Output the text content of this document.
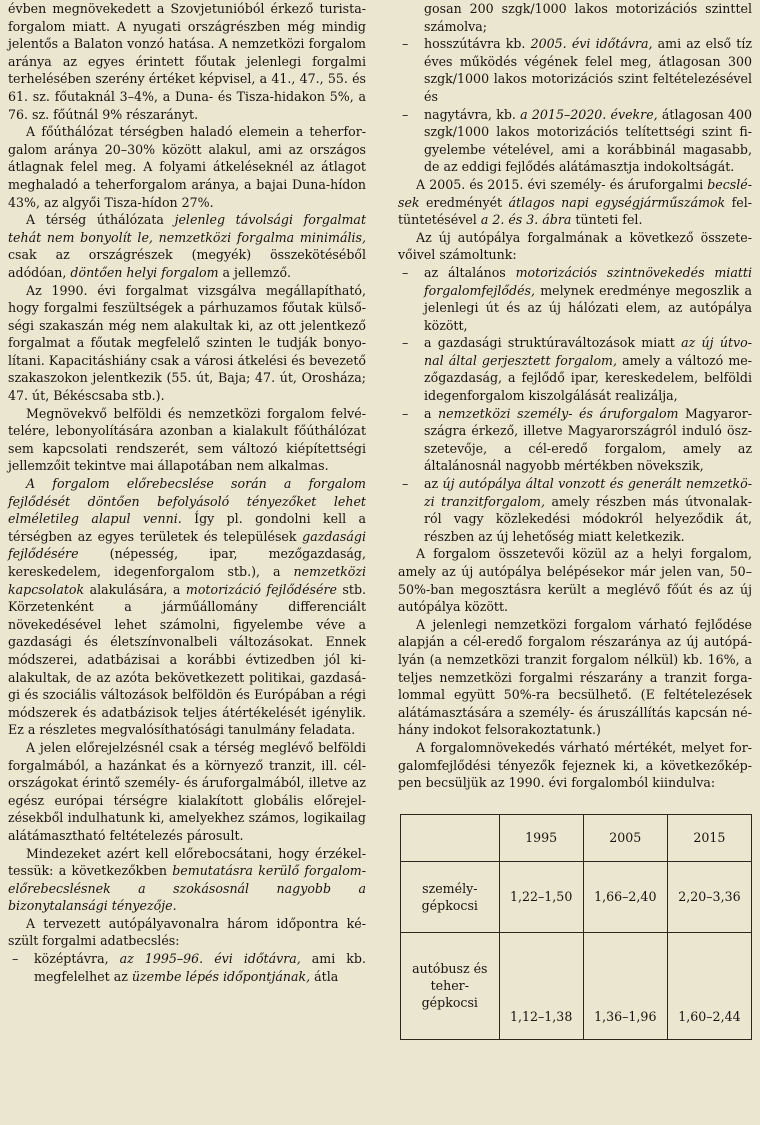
évben megnövekedett a Szovjetunióból érkező turistaforgalom miatt. A nyugati országrészben még mindig jelentős a Balaton vonzó hatása. A nemzetközi forgalom aránya az egyes érintett főutak jelenlegi forgalmi terhelésében szerény értéket képvisel, a 41., 47., 55. és 61. sz. főutaknál 3–4%, a Duna- és Tisza-hidakon 5%, a 76. sz. főútnál 9% részarányt.

A főúthálózat térségben haladó elemein a teherforgalom aránya 20–30% között alakul, ami az országos átlagnak felel meg. A folyami átkeléseknél az átlagot meghaladó a teherforgalom aránya, a bajai Duna-hídon 43%, az algyői Tisza-hídon 27%.

A térség úthálózata jelenleg távolsági forgalmat tehát nem bonyolít le, nemzetközi forgalma minimális, csak az országrészek (megyék) összekötéséből adódóan, döntően helyi forgalom a jellemző.

Az 1990. évi forgalmat vizsgálva megállapítható, hogy forgalmi feszültségek a párhuzamos főutak külsőségi szakaszán még nem alakultak ki, az ott jelentkező forgalmat a főutak megfelelő szinten le tudják bonyolítani. Kapacitáshiány csak a városi átkelési és bevezető szakaszokon jelentkezik (55. út, Baja; 47. út, Orosháza; 47. út, Békéscsaba stb.).

Megnövekvő belföldi és nemzetközi forgalom felvételére, lebonyolítására azonban a kialakult főúthálózat sem kapcsolati rendszerét, sem változó kiépítettségi jellemzőit tekintve mai állapotában nem alkalmas.

A forgalom előrebecslése során a forgalom fejlődését döntően befolyásoló tényezőket lehet elméletileg alapul venni. Így pl. gondolni kell a térségben az egyes területek és települések gazdasági fejlődésére (népesség, ipar, mezőgazdaság, kereskedelem, idegenforgalom stb.), a nemzetközi kapcsolatok alakulására, a motorizáció fejlődésére stb. Körzetenként a járműállomány differenciált növekedésével lehet számolni, figyelembe véve a gazdasági és életszínvonalbeli változásokat. Ennek módszerei, adatbázisai a korábbi évtizedben jól kialakultak, de az azóta bekövetkezett politikai, gazdasági és szociális változások belföldön és Európában a régi módszerek és adatbázisok teljes átértékelését igénylik. Ez a részletes megvalósíthatósági tanulmány feladata.

A jelen előrejelzésnél csak a térség meglévő belföldi forgalmából, a hazánkat és a környező tranzit, ill. célországokat érintő személy- és áruforgalmából, illetve az egész európai térségre kialakított globális előrejelzésekből indulhatunk ki, amelyekhez számos, logikailag alátámasztható feltételezés párosult.

Mindezeket azért kell előrebocsátani, hogy érzékeltessük: a következőkben bemutatásra kerülő forgalomelőrebecslésnek a szokásosnál nagyobb a bizonytalansági tényezője.

A tervezett autópályavonalra három időpontra készült forgalmi adatbecslés:

– középtávra, az 1995–96. évi időtávra, ami kb. megfelelhet az üzembe lépés időpontjának, átla
gosan 200 szgk/1000 lakos motorizációs szinttel számolva;
– hosszútávra kb. 2005. évi időtávra, ami az első tíz éves működés végének felel meg, átlagosan 300 szgk/1000 lakos motorizációs szint feltételezésével és
– nagytávra, kb. a 2015–2020. évekre, átlagosan 400 szgk/1000 lakos motorizációs telítettségi szint figyelembe vételével, ami a korábbinál magasabb, de az eddigi fejlődés alátámasztja indokoltságát.

A 2005. és 2015. évi személy- és áruforgalmi becslések eredményét átlagos napi egységjárműszámok feltüntetésével a 2. és 3. ábra tünteti fel.

Az új autópálya forgalmának a következő összetevőivel számoltunk:

– az általános motorizációs szintnövekedés miatti forgalomfejlődés, melynek eredménye megoszlik a jelenlegi út és az új hálózati elem, az autópálya között,
– a gazdasági struktúraváltozások miatt az új útvonal által gerjesztett forgalom, amely a változó mezőgazdaság, a fejlődő ipar, kereskedelem, belföldi idegenforgalom kiszolgálását realizálja,
– a nemzetközi személy- és áruforgalom Magyarországra érkező, illetve Magyarországról induló öszszetevője, a cél-eredő forgalom, amely az általánosnál nagyobb mértékben növekszik,
– az új autópálya által vonzott és generált nemzetközi tranzitforgalom, amely részben más útvonalakról vagy közlekedési módokról helyeződik át, részben az új lehetőség miatt keletkezik.

A forgalom összetevői közül az a helyi forgalom, amely az új autópálya belépésekor már jelen van, 50–50%-ban megosztásra került a meglévő főút és az új autópálya között.

A jelenlegi nemzetközi forgalom várható fejlődése alapján a cél-eredő forgalom részaránya az új autópályán (a nemzetközi tranzit forgalom nélkül) kb. 16%, a teljes nemzetközi forgalmi részarány a tranzit forgalommal együtt 50%-ra becsülhető. (E feltételezések alátámasztására a személy- és áruszállítás kapcsán néhány indokot felsorakoztatunk.)

A forgalomnövekedés várható mértékét, melyet forgalomfejlődési tényezők fejeznek ki, a következőképpen becsüljük az 1990. évi forgalomból kiindulva:

	1995	2005	2015
személy-
gépkocsi	1,22–1,50	1,66–2,40	2,20–3,36
autóbusz és
teher-
gépkocsi	1,12–1,38	1,36–1,96	1,60–2,44
